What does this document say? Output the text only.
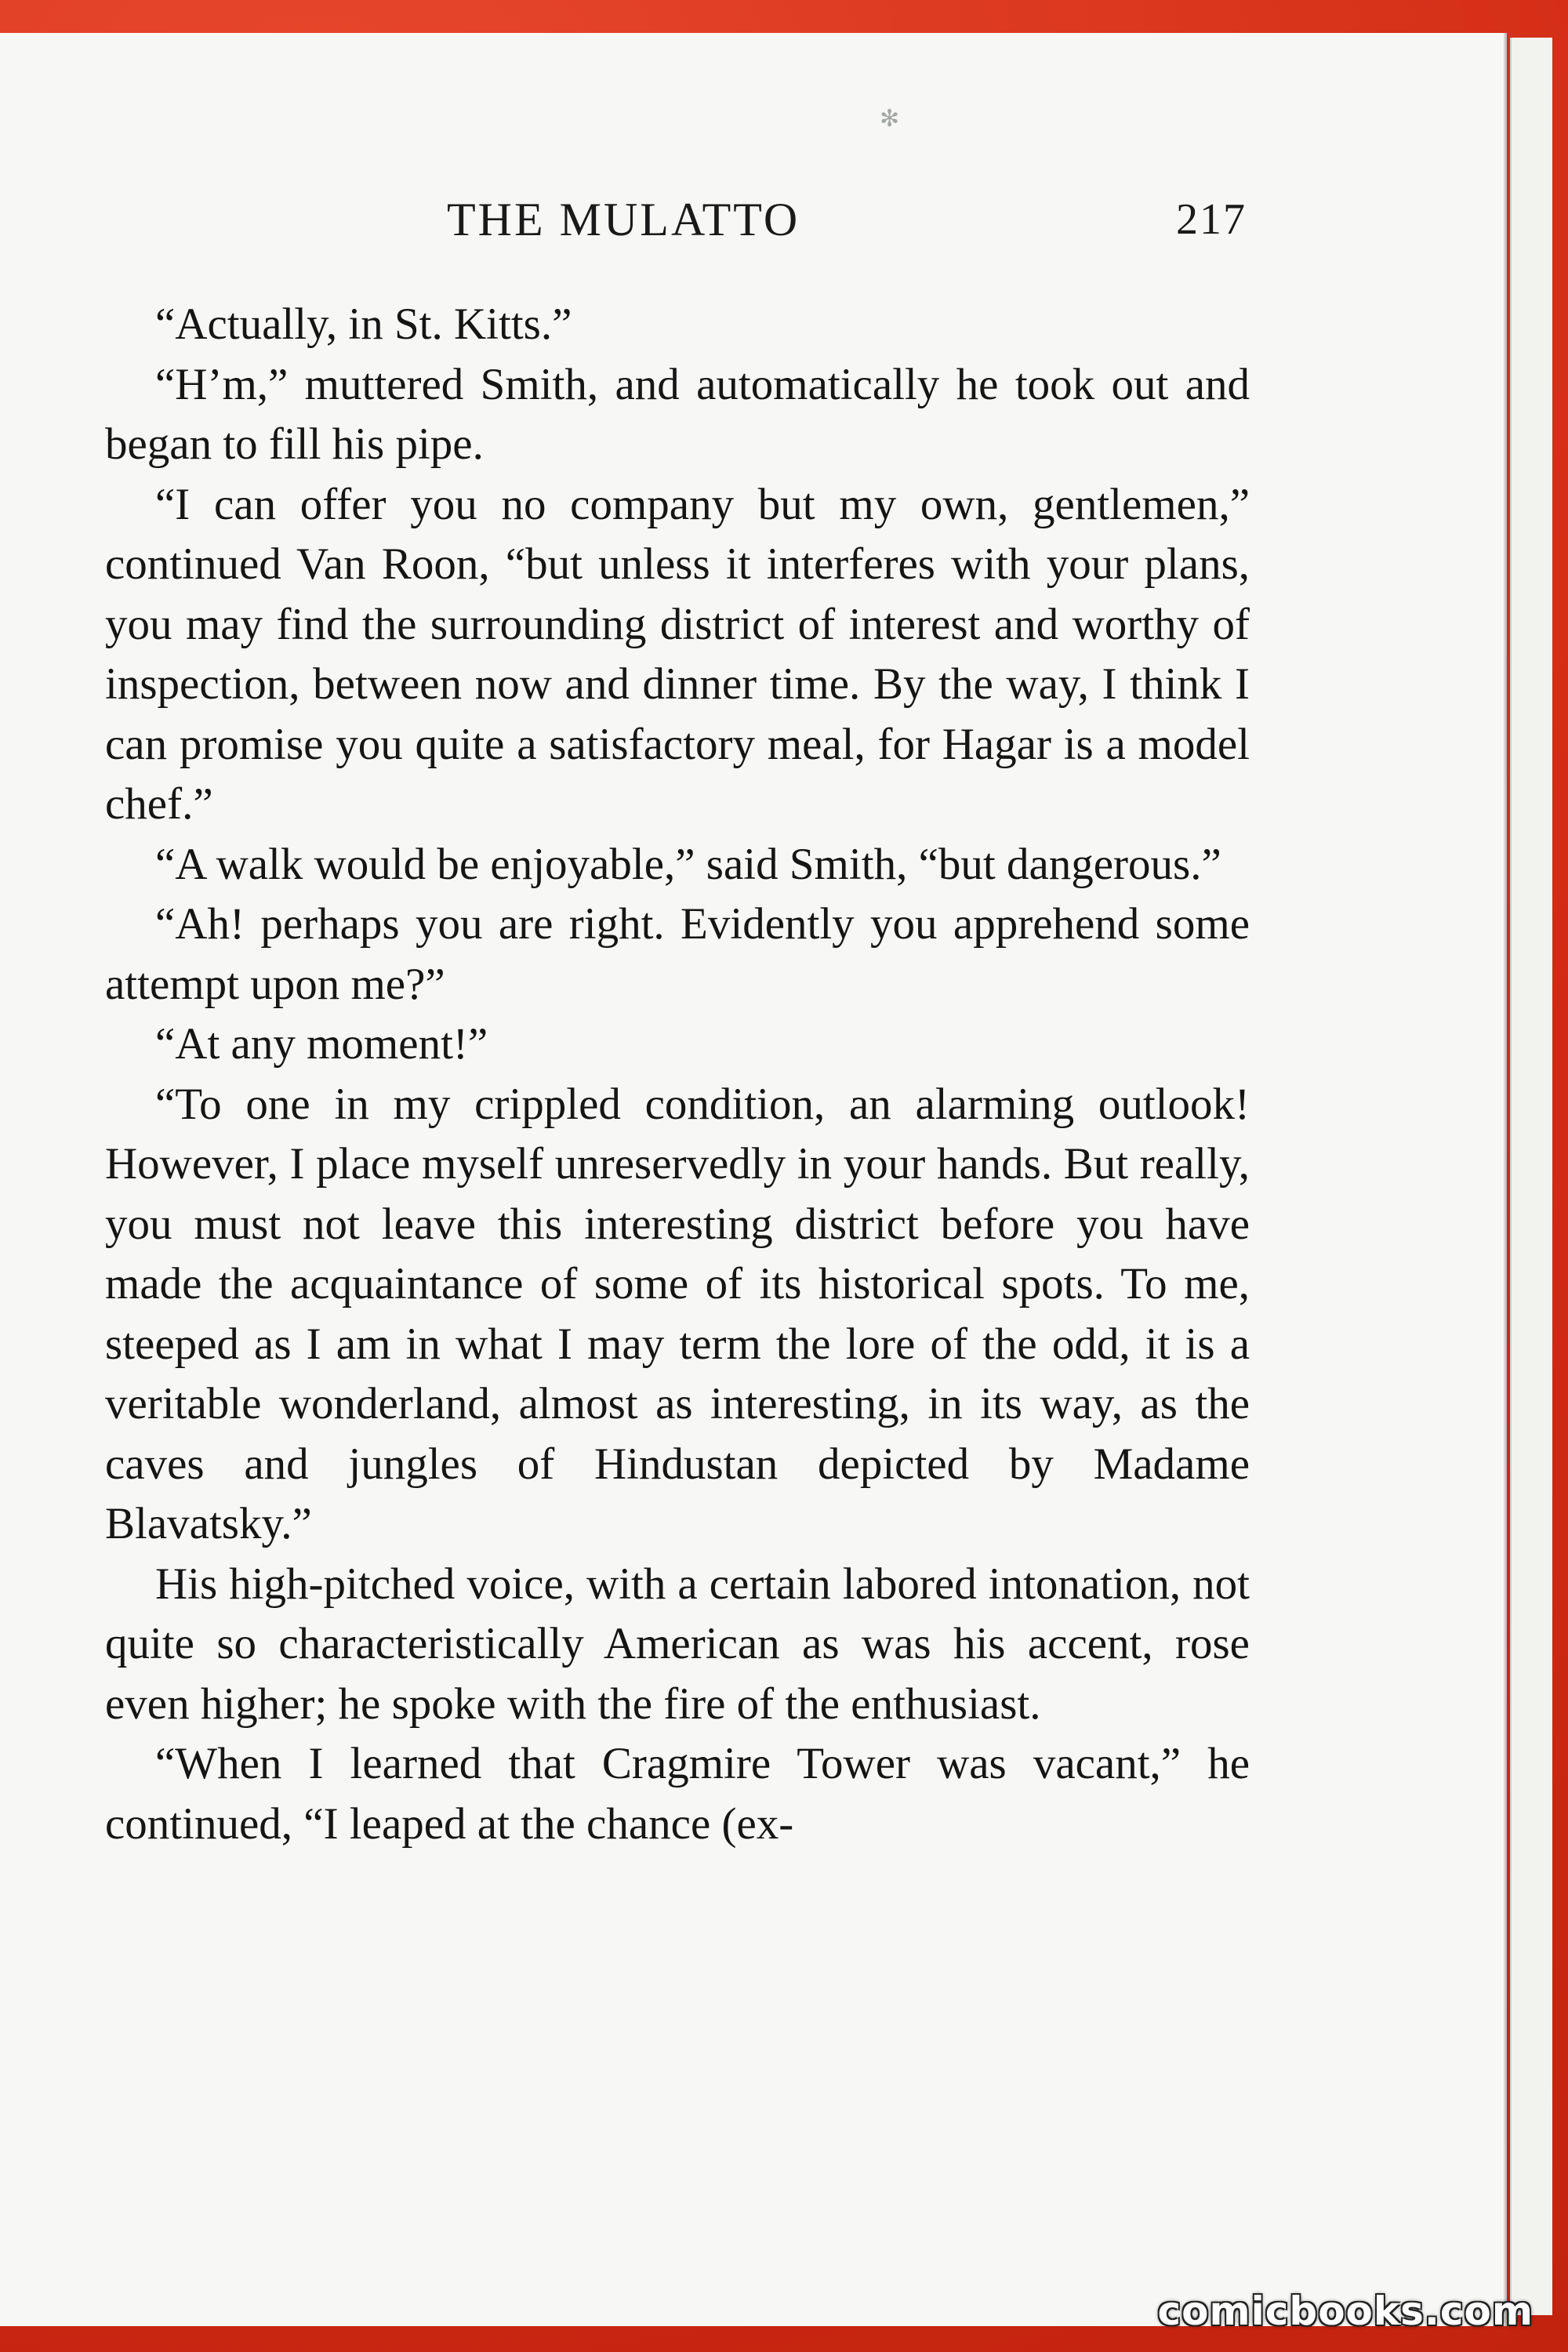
✻
THE MULATTO	217

“Actually, in St. Kitts.”

“H’m,” muttered Smith, and automatically he took out and began to fill his pipe.

“I can offer you no company but my own, gentlemen,” continued Van Roon, “but unless it interferes with your plans, you may find the surrounding district of interest and worthy of inspection, between now and dinner time. By the way, I think I can promise you quite a satisfactory meal, for Hagar is a model chef.”

“A walk would be enjoyable,” said Smith, “but dangerous.”

“Ah! perhaps you are right. Evidently you apprehend some attempt upon me?”

“At any moment!”

“To one in my crippled condition, an alarming outlook! However, I place myself unreservedly in your hands. But really, you must not leave this interesting district before you have made the acquaintance of some of its historical spots. To me, steeped as I am in what I may term the lore of the odd, it is a veritable wonderland, almost as interesting, in its way, as the caves and jungles of Hindustan depicted by Madame Blavatsky.”

His high-pitched voice, with a certain labored intonation, not quite so characteristically American as was his accent, rose even higher; he spoke with the fire of the enthusiast.

“When I learned that Cragmire Tower was vacant,” he continued, “I leaped at the chance (ex-

comicbooks.com
